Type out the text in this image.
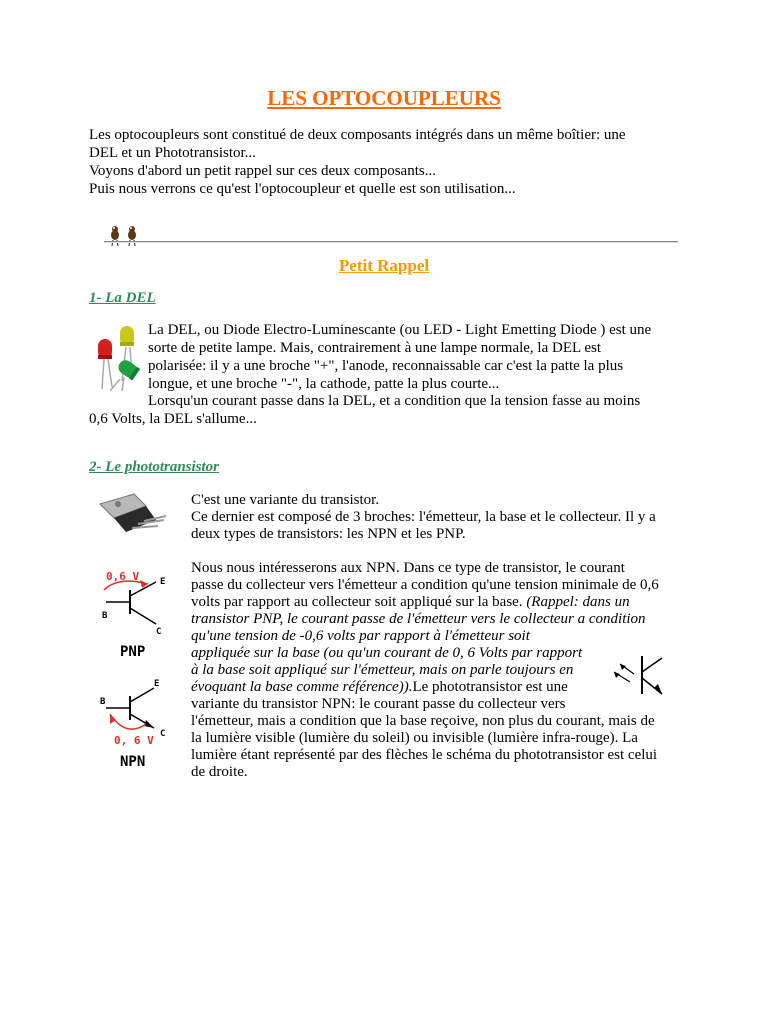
LES OPTOCOUPLEURS
Les optocoupleurs sont constitué de deux composants intégrés dans un même boîtier: une
DEL et un Phototransistor...
Voyons d'abord un petit rappel sur ces deux composants...
Puis nous verrons ce qu'est l'optocoupleur et quelle est son utilisation...
Petit Rappel
1- La DEL
La DEL, ou Diode Electro-Luminescante (ou LED - Light Emetting Diode ) est une
sorte de petite lampe. Mais, contrairement à une lampe normale, la DEL est
polarisée: il y a une broche "+", l'anode, reconnaissable car c'est la patte la plus
longue, et une broche "-", la cathode, patte la plus courte...
Lorsqu'un courant passe dans la DEL, et a condition que la tension fasse au moins
0,6 Volts, la DEL s'allume...
2- Le phototransistor
C'est une variante du transistor.
Ce dernier est composé de 3 broches: l'émetteur, la base et le collecteur. Il y a
deux types de transistors: les NPN et les PNP.
Nous nous intéresserons aux NPN. Dans ce type de transistor, le courant
passe du collecteur vers l'émetteur a condition qu'une tension minimale de 0,6
volts par rapport au collecteur soit appliqué sur la base. (Rappel: dans un
transistor PNP, le courant passe de l'émetteur vers le collecteur a condition
qu'une tension de -0,6 volts par rapport à l'émetteur soit
appliquée sur la base (ou qu'un courant de 0, 6 Volts par rapport
à la base soit appliqué sur l'émetteur, mais on parle toujours en
évoquant la base comme référence)).Le phototransistor est une
variante du transistor NPN: le courant passe du collecteur vers
l'émetteur, mais a condition que la base reçoive, non plus du courant, mais de
la lumière visible (lumière du soleil) ou invisible (lumière infra-rouge). La
lumière étant représenté par des flèches le schéma du phototransistor est celui
de droite.
0,6 V E
B
C
PNP
E
B
C
0, 6 V
NPN
